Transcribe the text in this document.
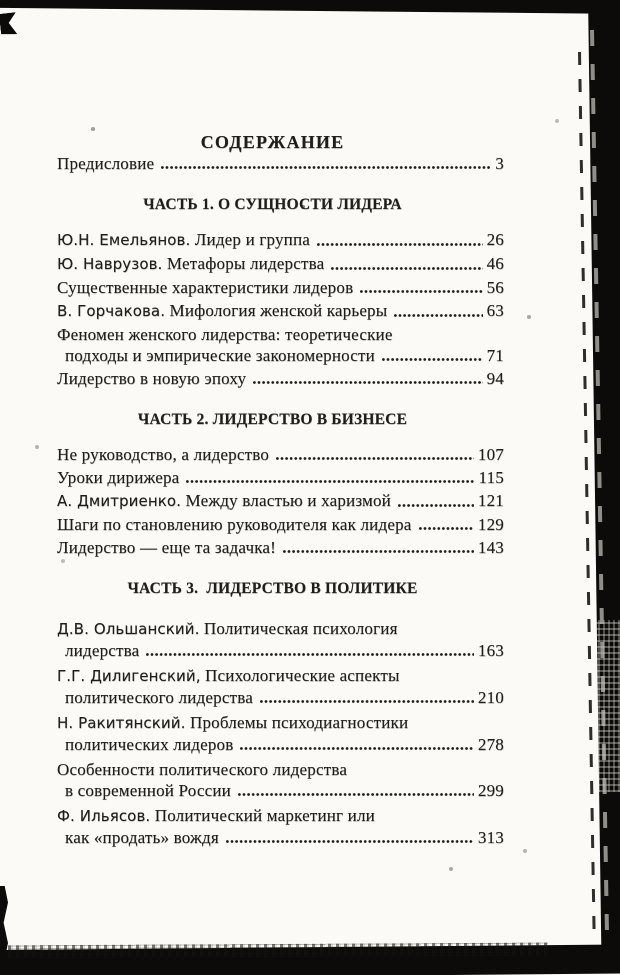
СОДЕРЖАНИЕ
Предисловие	3
ЧАСТЬ 1. О СУЩНОСТИ ЛИДЕРА
Ю.Н. Емельянов. Лидер и группа	26
Ю. Наврузов. Метафоры лидерства	46
Существенные характеристики лидеров	56
В. Горчакова. Мифология женской карьеры	63
Феномен женского лидерства: теоретические
подходы и эмпирические закономерности	71
Лидерство в новую эпоху	94
ЧАСТЬ 2. ЛИДЕРСТВО В БИЗНЕСЕ
Не руководство, а лидерство	107
Уроки дирижера	115
А. Дмитриенко. Между властью и харизмой	121
Шаги по становлению руководителя как лидера	129
Лидерство — еще та задачка!	143
ЧАСТЬ 3.  ЛИДЕРСТВО В ПОЛИТИКЕ
Д.В. Ольшанский. Политическая психология
лидерства	163
Г.Г. Дилигенский, Психологические аспекты
политического лидерства	210
Н. Ракитянский. Проблемы психодиагностики
политических лидеров	278
Особенности политического лидерства
в современной России	299
Ф. Ильясов. Политический маркетинг или
как «продать» вождя	313
